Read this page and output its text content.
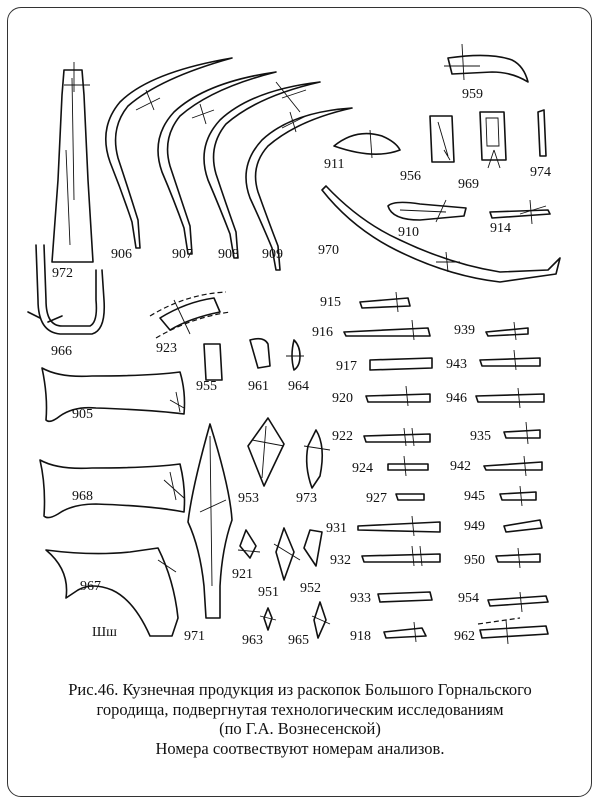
Шш
906	907 908 909	970
972
966
959
911
956
969
974
910	914
915
916
917
920
922
924
927
931
932
933
918
939
943
946
935
942
945
949
950
954
962
923
955 961 964
905
968
967
953	973
921
951 952
971	963 965
Рис.46. Кузнечная продукция из раскопок Большого Горнальского
городища, подвергнутая технологическим исследованиям
(по Г.А. Вознесенской)
Номера соотвествуют номерам анализов.
